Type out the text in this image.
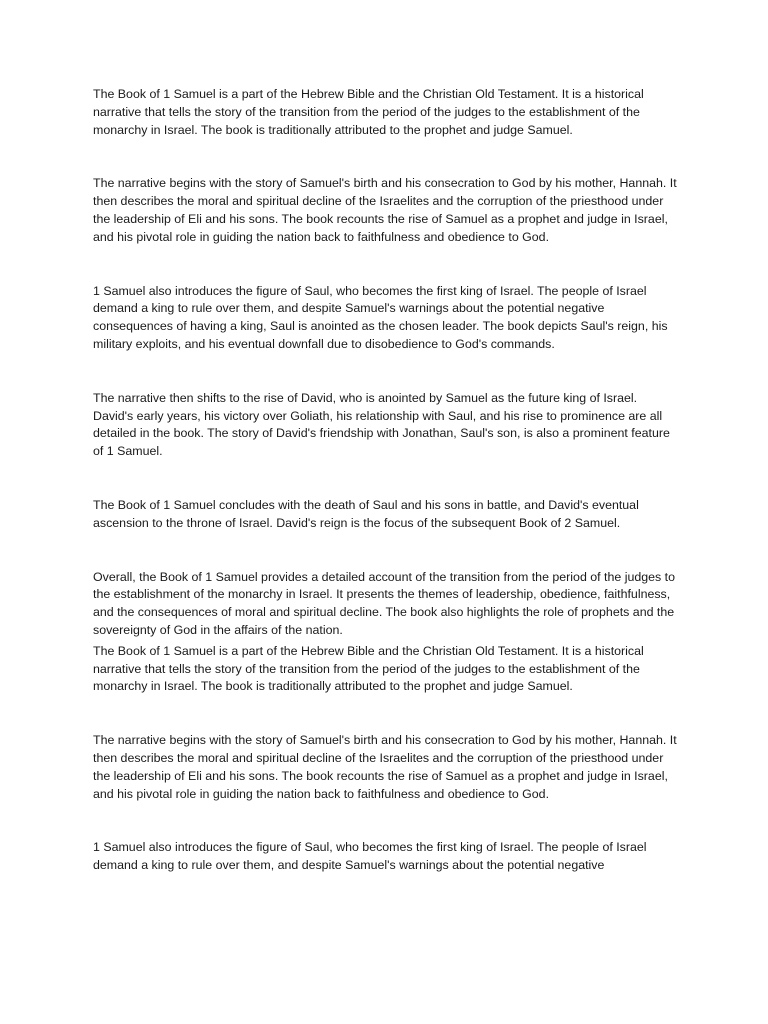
The Book of 1 Samuel is a part of the Hebrew Bible and the Christian Old Testament. It is a historical narrative that tells the story of the transition from the period of the judges to the establishment of the monarchy in Israel. The book is traditionally attributed to the prophet and judge Samuel.

The narrative begins with the story of Samuel's birth and his consecration to God by his mother, Hannah. It then describes the moral and spiritual decline of the Israelites and the corruption of the priesthood under the leadership of Eli and his sons. The book recounts the rise of Samuel as a prophet and judge in Israel, and his pivotal role in guiding the nation back to faithfulness and obedience to God.

1 Samuel also introduces the figure of Saul, who becomes the first king of Israel. The people of Israel demand a king to rule over them, and despite Samuel's warnings about the potential negative consequences of having a king, Saul is anointed as the chosen leader. The book depicts Saul's reign, his military exploits, and his eventual downfall due to disobedience to God's commands.

The narrative then shifts to the rise of David, who is anointed by Samuel as the future king of Israel. David's early years, his victory over Goliath, his relationship with Saul, and his rise to prominence are all detailed in the book. The story of David's friendship with Jonathan, Saul's son, is also a prominent feature of 1 Samuel.

The Book of 1 Samuel concludes with the death of Saul and his sons in battle, and David's eventual ascension to the throne of Israel. David's reign is the focus of the subsequent Book of 2 Samuel.

Overall, the Book of 1 Samuel provides a detailed account of the transition from the period of the judges to the establishment of the monarchy in Israel. It presents the themes of leadership, obedience, faithfulness, and the consequences of moral and spiritual decline. The book also highlights the role of prophets and the sovereignty of God in the affairs of the nation.

The Book of 1 Samuel is a part of the Hebrew Bible and the Christian Old Testament. It is a historical narrative that tells the story of the transition from the period of the judges to the establishment of the monarchy in Israel. The book is traditionally attributed to the prophet and judge Samuel.

The narrative begins with the story of Samuel's birth and his consecration to God by his mother, Hannah. It then describes the moral and spiritual decline of the Israelites and the corruption of the priesthood under the leadership of Eli and his sons. The book recounts the rise of Samuel as a prophet and judge in Israel, and his pivotal role in guiding the nation back to faithfulness and obedience to God.

1 Samuel also introduces the figure of Saul, who becomes the first king of Israel. The people of Israel demand a king to rule over them, and despite Samuel's warnings about the potential negative
